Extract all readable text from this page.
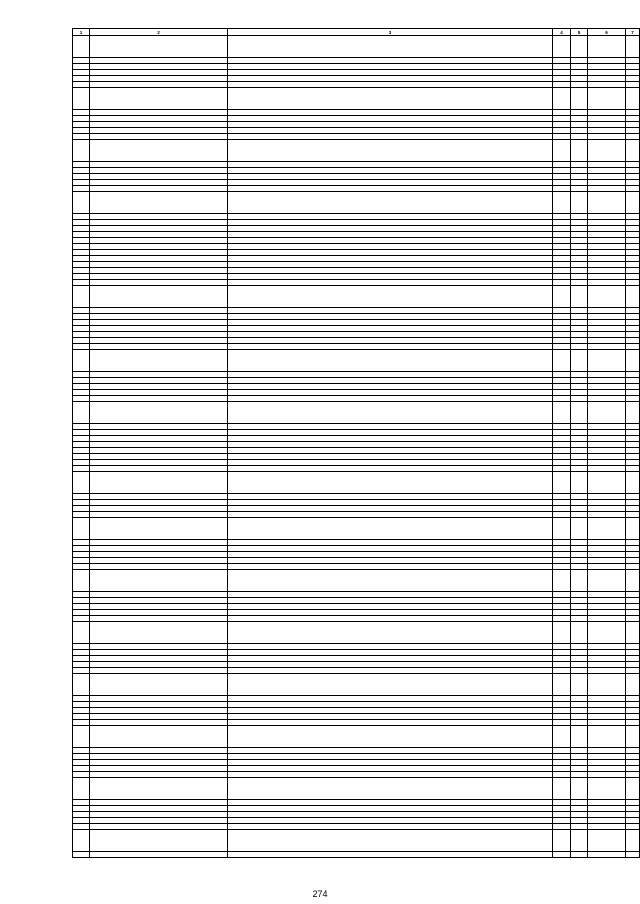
1	2	3	4	5	6	7

274
